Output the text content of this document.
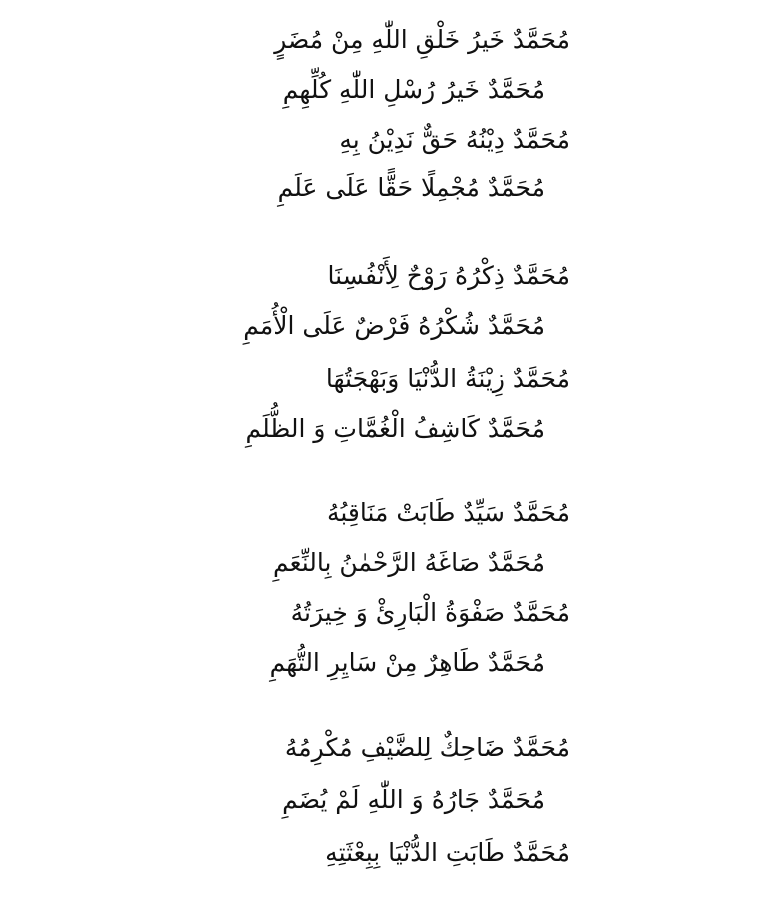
مُحَمَّدٌ خَيرُ خَلْقِ اللّٰهِ مِنْ مُضَرٍ
مُحَمَّدٌ خَيرُ رُسْلِ اللّٰهِ كُلِّهِمِ
مُحَمَّدٌ دِيْنُهُ حَقٌّ نَدِيْنُ بِهِ
مُحَمَّدٌ مُجْمِلًا حَقًّا عَلَى عَلَمِ
مُحَمَّدٌ ذِكْرُهُ رَوْحٌ لِأَنْفُسِنَا
مُحَمَّدٌ شُكْرُهُ فَرْضٌ عَلَى الْأُمَمِ
مُحَمَّدٌ زِيْنَةُ الدُّنْيَا وَبَهْجَتُهَا
مُحَمَّدٌ كَاشِفُ الْغُمَّاتِ وَ الظُّلَمِ
مُحَمَّدٌ سَيِّدٌ طَابَتْ مَنَاقِبُهُ
مُحَمَّدٌ صَاغَهُ الرَّحْمٰنُ بِالنِّعَمِ
مُحَمَّدٌ صَفْوَةُ الْبَارِئْ وَ خِيرَتُهُ
مُحَمَّدٌ طَاهِرٌ مِنْ سَايِرِ التُّهَمِ
مُحَمَّدٌ ضَاحِكٌ لِلضَّيْفِ مُكْرِمُهُ
مُحَمَّدٌ جَارُهُ وَ اللّٰهِ لَمْ يُضَمِ
مُحَمَّدٌ طَابَتِ الدُّنْيَا بِبِعْثَتِهِ
